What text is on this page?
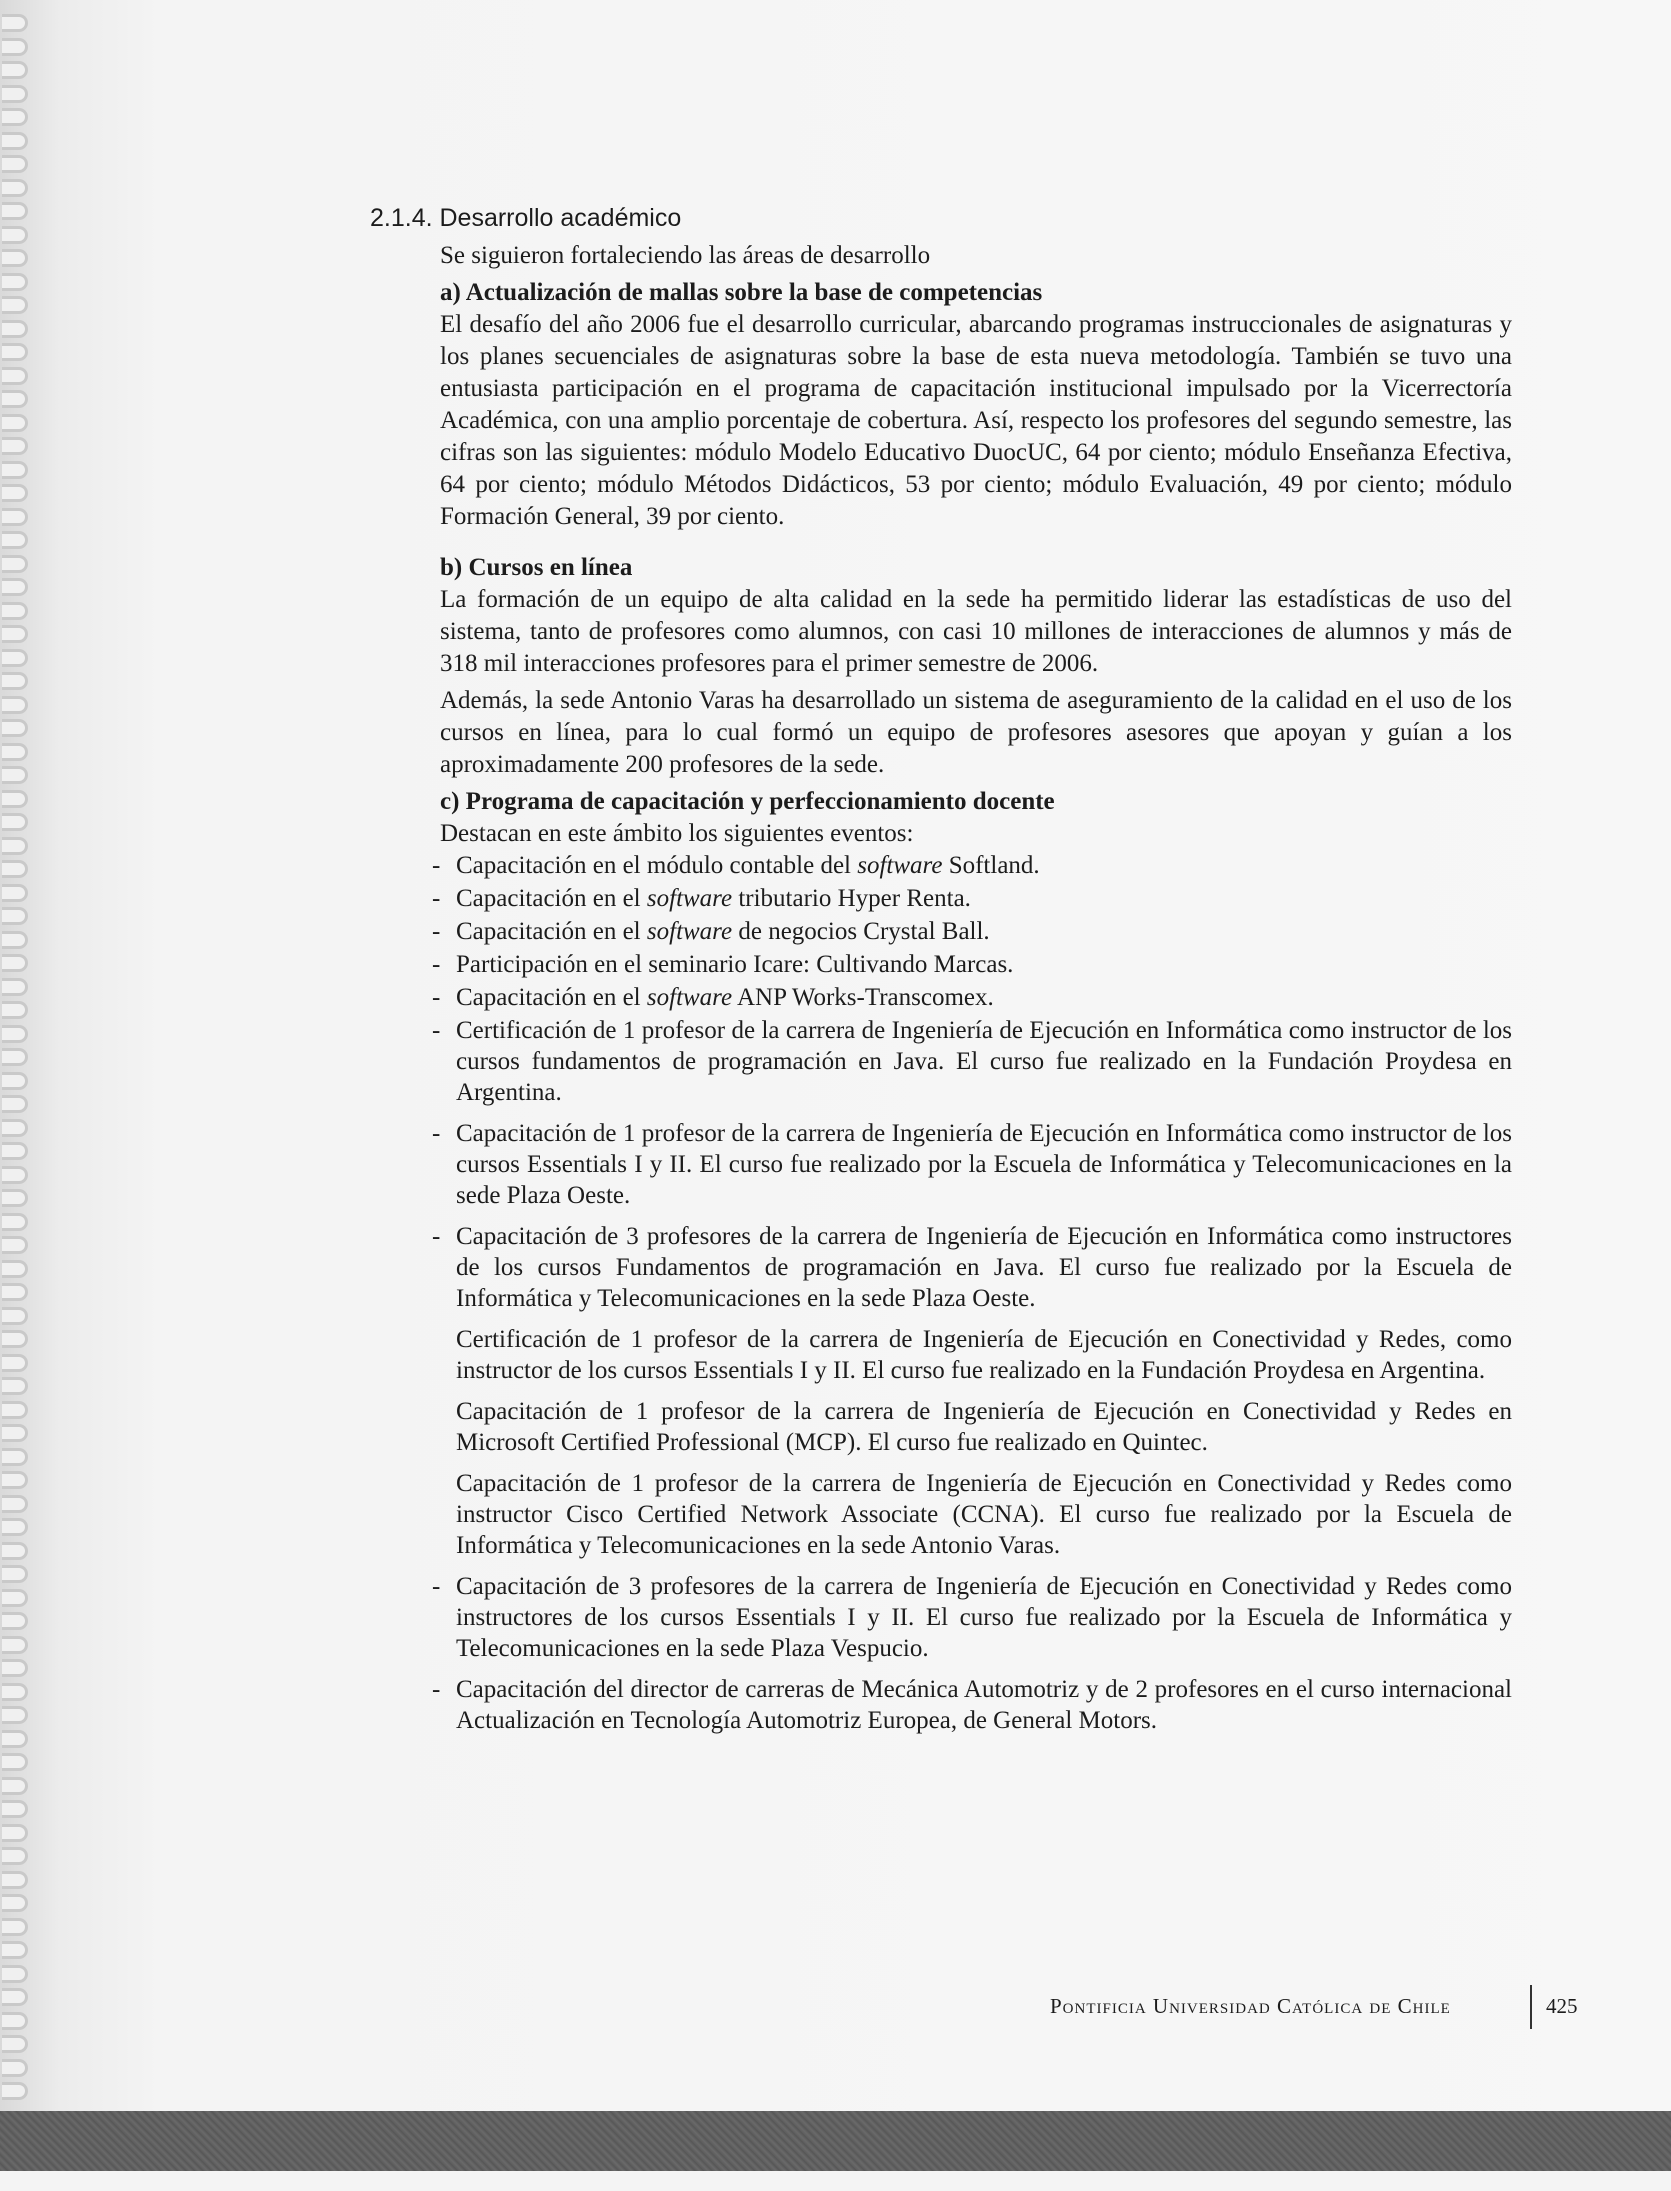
2.1.4. Desarrollo académico

Se siguieron fortaleciendo las áreas de desarrollo

a) Actualización de mallas sobre la base de competencias

El desafío del año 2006 fue el desarrollo curricular, abarcando programas instruccionales de asignaturas y los planes secuenciales de asignaturas sobre la base de esta nueva metodología. También se tuvo una entusiasta participación en el programa de capacitación institucional impulsado por la Vicerrectoría Académica, con una amplio porcentaje de cobertura. Así, respecto los profesores del segundo semestre, las cifras son las siguientes: módulo Modelo Educativo DuocUC, 64 por ciento; módulo Enseñanza Efectiva, 64 por ciento; módulo Métodos Didácticos, 53 por ciento; módulo Evaluación, 49 por ciento; módulo Formación General, 39 por ciento.

b) Cursos en línea

La formación de un equipo de alta calidad en la sede ha permitido liderar las estadísticas de uso del sistema, tanto de profesores como alumnos, con casi 10 millones de interacciones de alumnos y más de 318 mil interacciones profesores para el primer semestre de 2006.

Además, la sede Antonio Varas ha desarrollado un sistema de aseguramiento de la calidad en el uso de los cursos en línea, para lo cual formó un equipo de profesores asesores que apoyan y guían a los aproximadamente 200 profesores de la sede.

c) Programa de capacitación y perfeccionamiento docente

Destacan en este ámbito los siguientes eventos:

- Capacitación en el módulo contable del software Softland.
- Capacitación en el software tributario Hyper Renta.
- Capacitación en el software de negocios Crystal Ball.
- Participación en el seminario Icare: Cultivando Marcas.
- Capacitación en el software ANP Works-Transcomex.
- Certificación de 1 profesor de la carrera de Ingeniería de Ejecución en Informática como instructor de los cursos fundamentos de programación en Java. El curso fue realizado en la Fundación Proydesa en Argentina.
- Capacitación de 1 profesor de la carrera de Ingeniería de Ejecución en Informática como instructor de los cursos Essentials I y II. El curso fue realizado por la Escuela de Informática y Telecomunicaciones en la sede Plaza Oeste.
- Capacitación de 3 profesores de la carrera de Ingeniería de Ejecución en Informática como instructores de los cursos Fundamentos de programación en Java. El curso fue realizado por la Escuela de Informática y Telecomunicaciones en la sede Plaza Oeste.
Certificación de 1 profesor de la carrera de Ingeniería de Ejecución en Conectividad y Redes, como instructor de los cursos Essentials I y II. El curso fue realizado en la Fundación Proydesa en Argentina.
Capacitación de 1 profesor de la carrera de Ingeniería de Ejecución en Conectividad y Redes en Microsoft Certified Professional (MCP). El curso fue realizado en Quintec.
Capacitación de 1 profesor de la carrera de Ingeniería de Ejecución en Conectividad y Redes como instructor Cisco Certified Network Associate (CCNA). El curso fue realizado por la Escuela de Informática y Telecomunicaciones en la sede Antonio Varas.
- Capacitación de 3 profesores de la carrera de Ingeniería de Ejecución en Conectividad y Redes como instructores de los cursos Essentials I y II. El curso fue realizado por la Escuela de Informática y Telecomunicaciones en la sede Plaza Vespucio.
- Capacitación del director de carreras de Mecánica Automotriz y de 2 profesores en el curso internacional Actualización en Tecnología Automotriz Europea, de General Motors.
Pontificia Universidad Católica de Chile	425
